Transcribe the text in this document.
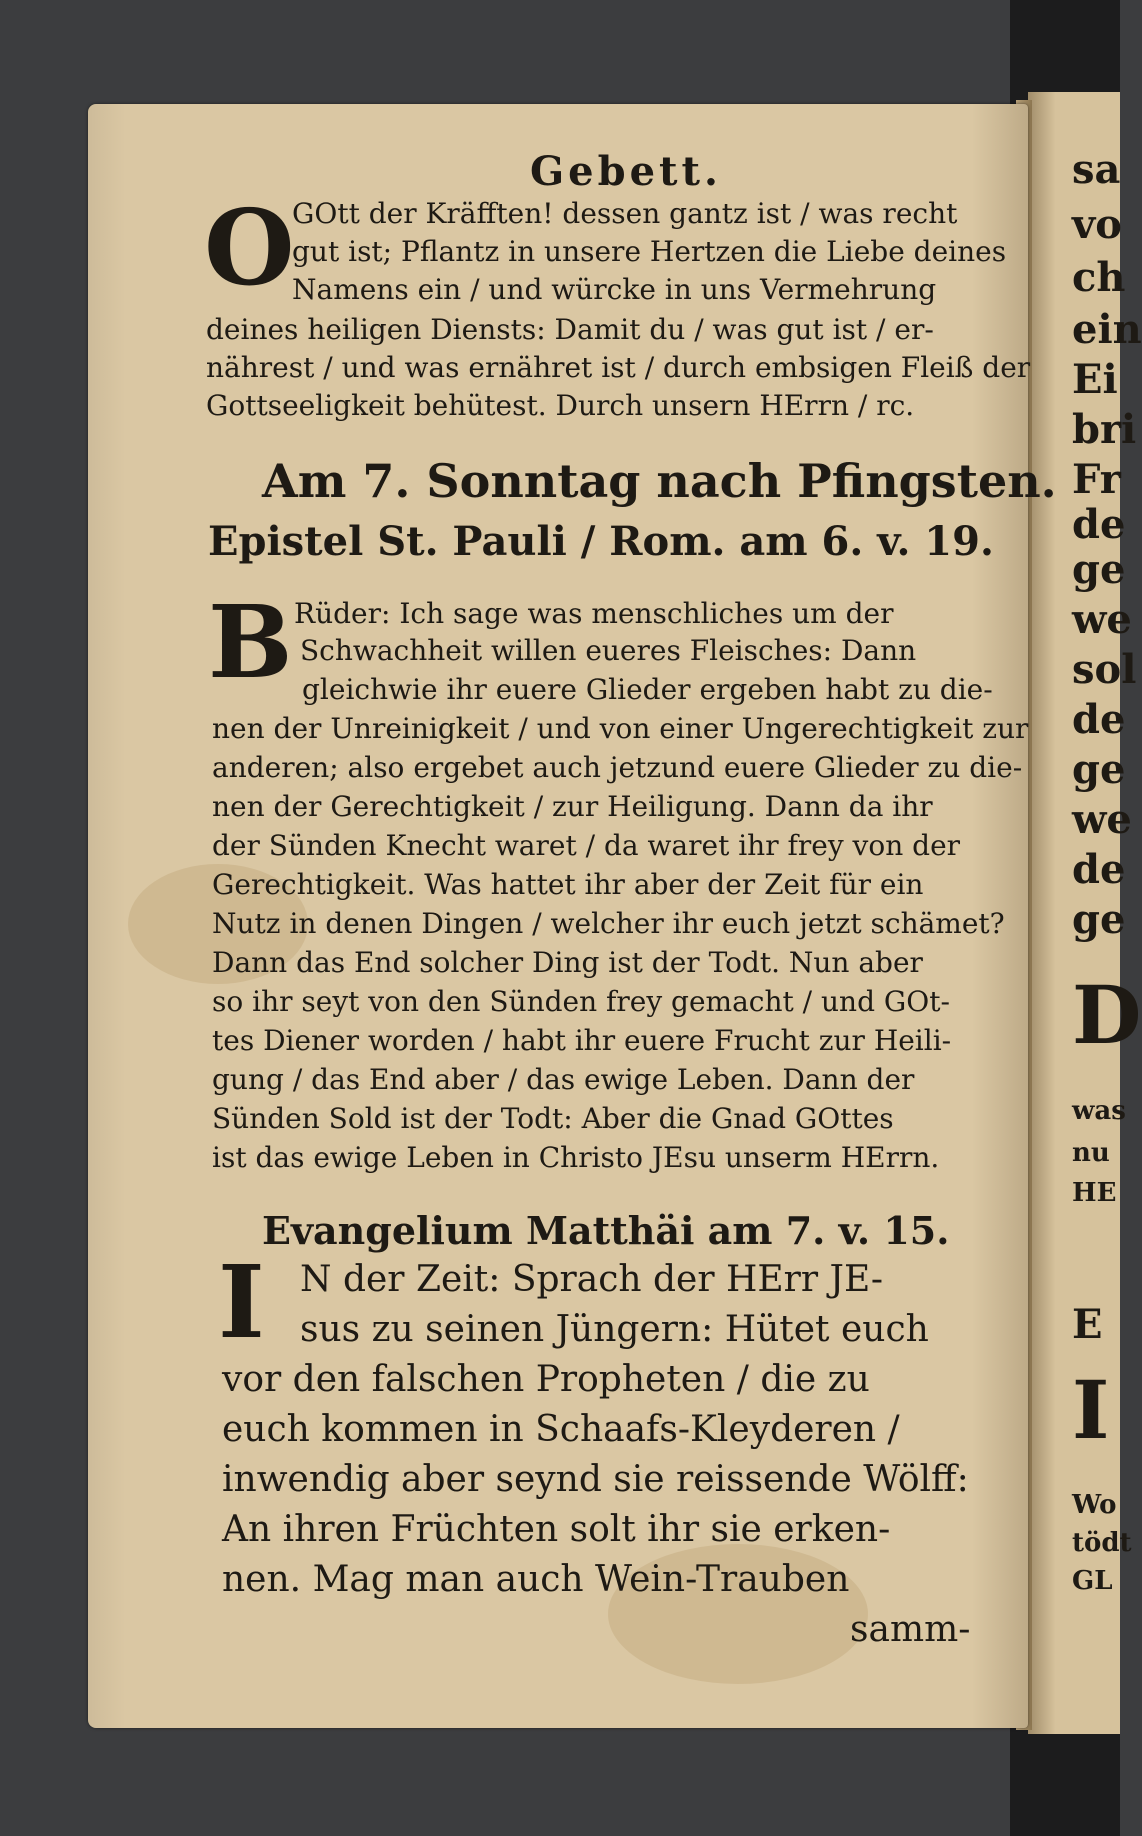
Gebett.
O
GOtt der Kräfften! dessen gantz ist / was recht
gut ist; Pflantz in unsere Hertzen die Liebe deines
Namens ein / und würcke in uns Vermehrung
deines heiligen Diensts: Damit du / was gut ist / er-
nährest / und was ernähret ist / durch embsigen Fleiß der
Gottseeligkeit behütest. Durch unsern HErrn / rc.
Am 7. Sonntag nach Pfingsten.
Epistel St. Pauli / Rom. am 6. v. 19.
B Rüder: Ich sage was menschliches um der
Schwachheit willen eueres Fleisches: Dann
gleichwie ihr euere Glieder ergeben habt zu die-
nen der Unreinigkeit / und von einer Ungerechtigkeit zur
anderen; also ergebet auch jetzund euere Glieder zu die-
nen der Gerechtigkeit / zur Heiligung. Dann da ihr
der Sünden Knecht waret / da waret ihr frey von der
Gerechtigkeit. Was hattet ihr aber der Zeit für ein
Nutz in denen Dingen / welcher ihr euch jetzt schämet?
Dann das End solcher Ding ist der Todt. Nun aber
so ihr seyt von den Sünden frey gemacht / und GOt-
tes Diener worden / habt ihr euere Frucht zur Heili-
gung / das End aber / das ewige Leben. Dann der
Sünden Sold ist der Todt: Aber die Gnad GOttes
ist das ewige Leben in Christo JEsu unserm HErrn.
Evangelium Matthäi am 7. v. 15.
I N der Zeit: Sprach der HErr JE-
sus zu seinen Jüngern: Hütet euch
vor den falschen Propheten / die zu
euch kommen in Schaafs-Kleyderen /
inwendig aber seynd sie reissende Wölff:
An ihren Früchten solt ihr sie erken-
nen. Mag man auch Wein-Trauben
samm-
sa
vo
ch
ein
Ei
bri
Fr
de
ge
we
sol
de
ge
we
de
ge
D
was
nu
HE
E
I
Wo
tödt
GL
